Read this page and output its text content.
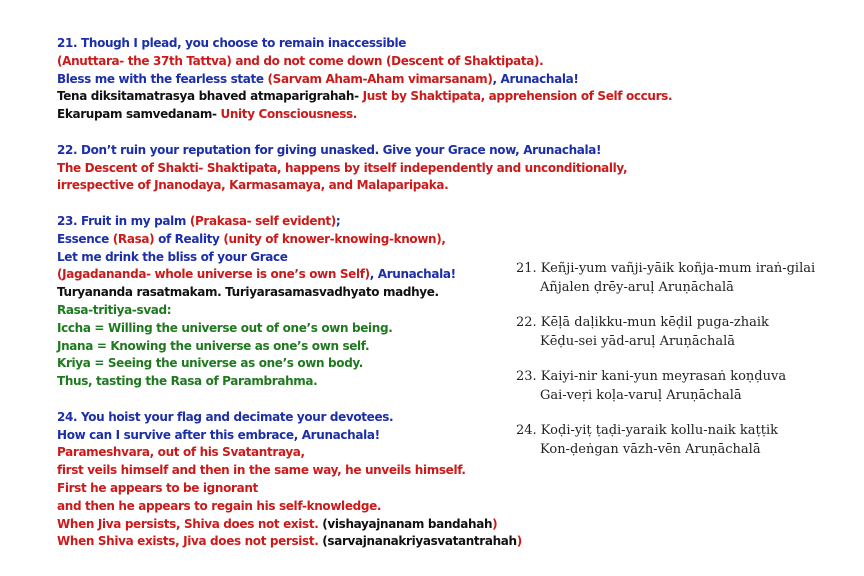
21. Though I plead, you choose to remain inaccessible
(Anuttara- the 37th Tattva) and do not come down (Descent of Shaktipata).
Bless me with the fearless state (Sarvam Aham-Aham vimarsanam), Arunachala!
Tena diksitamatrasya bhaved atmaparigrahah- Just by Shaktipata, apprehension of Self occurs.
Ekarupam samvedanam- Unity Consciousness.
22. Don’t ruin your reputation for giving unasked. Give your Grace now, Arunachala!
The Descent of Shakti- Shaktipata, happens by itself independently and unconditionally,
irrespective of Jnanodaya, Karmasamaya, and Malaparipaka.
23. Fruit in my palm (Prakasa- self evident);
Essence (Rasa) of Reality (unity of knower-knowing-known),
Let me drink the bliss of your Grace
(Jagadananda- whole universe is one’s own Self), Arunachala!
Turyananda rasatmakam. Turiyarasamasvadhyato madhye.
Rasa-tritiya-svad:
Iccha = Willing the universe out of one’s own being.
Jnana = Knowing the universe as one’s own self.
Kriya = Seeing the universe as one’s own body.
Thus, tasting the Rasa of Parambrahma.
24. You hoist your flag and decimate your devotees.
How can I survive after this embrace, Arunachala!
Parameshvara, out of his Svatantraya,
first veils himself and then in the same way, he unveils himself.
First he appears to be ignorant
and then he appears to regain his self-knowledge.
When Jiva persists, Shiva does not exist. (vishayajnanam bandahah)
When Shiva exists, Jiva does not persist. (sarvajnanakriyasvatantrahah)
21. Keñji-yum vañji-yāik koñja-mum iraṅ-gilai
Añjalen ḍrēy-aruḷ Aruṇāchalā
22. Kēḷā daḷikku-mun kēḍil puga-zhaik
Kēḍu-sei yād-aruḷ Aruṇāchalā
23. Kaiyi-nir kani-yun meyrasaṅ koṇḍuva
Gai-veṛi koḷa-varuḷ Aruṇāchalā
24. Koḍi-yiṭ ṭaḍi-yaraik kollu-naik kaṭṭik
Kon-ḍeṅgan vāzh-vēn Aruṇāchalā
